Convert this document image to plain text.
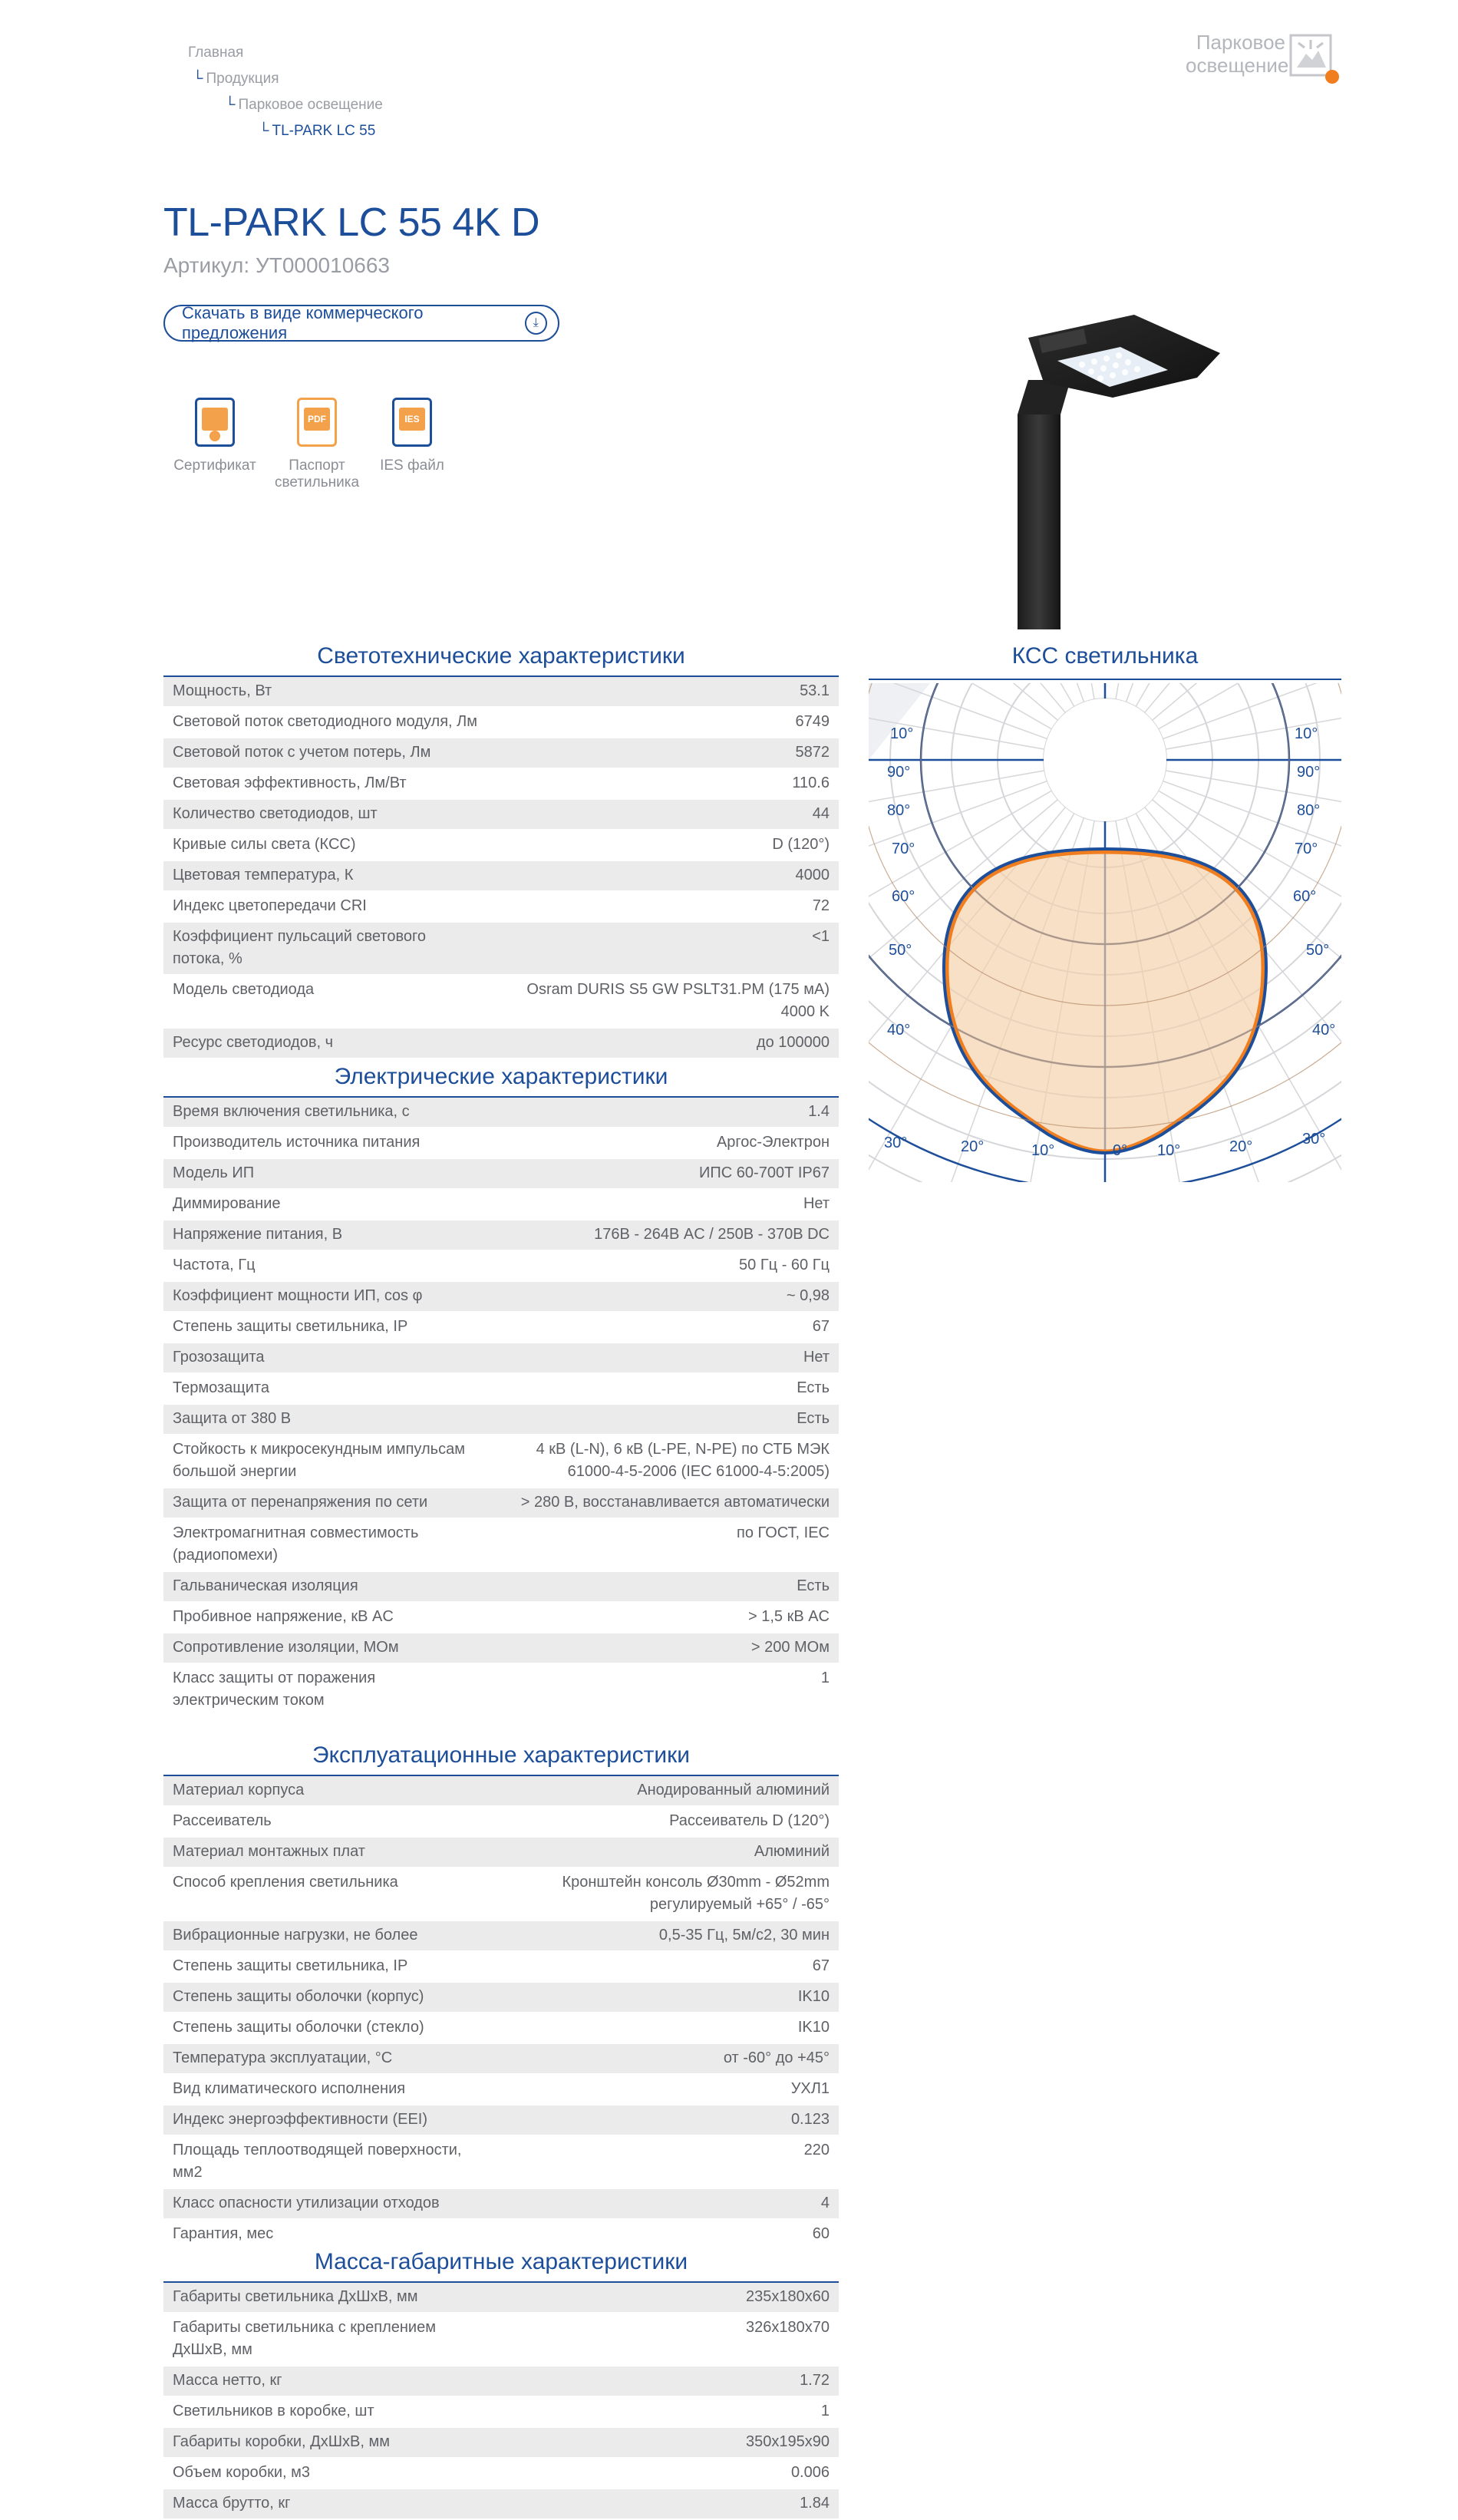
Главная
└ Продукция
└ Парковое освещение
└ TL-PARK LC 55
Парковое
освещение
TL-PARK LC 55 4K D
Артикул: УТ000010663
Скачать в виде коммерческого предложения
⤓
Сертификат
PDF
Паспорт светильника
IES
IES файл
КСС светильника
10°	10°
90°	90°
80°	80°
70°	70°
60°	60°
50°	50°
40°	40°
30°	20°	10°	0° 10°	20°	30°
Светотехнические характеристики
Мощность, Вт	53.1
Световой поток светодиодного модуля, Лм	6749
Световой поток с учетом потерь, Лм	5872
Световая эффективность, Лм/Вт	110.6
Количество светодиодов, шт	44
Кривые силы света (КСС)	D (120°)
Цветовая температура, К	4000
Индекс цветопередачи CRI	72
Коэффициент пульсаций светового потока, %	<1
Модель светодиода	Osram DURIS S5 GW PSLT31.PM (175 мА) 4000 K
Ресурс светодиодов, ч	до 100000
Электрические характеристики
Время включения светильника, с	1.4
Производитель источника питания	Аргос-Электрон
Модель ИП	ИПС 60-700Т IP67
Диммирование	Нет
Напряжение питания, В	176В - 264В AC / 250В - 370В DC
Частота, Гц	50 Гц - 60 Гц
Коэффициент мощности ИП, cos φ	~ 0,98
Степень защиты светильника, IP	67
Грозозащита	Нет
Термозащита	Есть
Защита от 380 В	Есть
Стойкость к микросекундным импульсам большой энергии	4 кВ (L-N), 6 кВ (L-PE, N-PE) по СТБ МЭК 61000-4-5-2006 (IEC 61000-4-5:2005)
Защита от перенапряжения по сети	> 280 В, восстанавливается автоматически
Электромагнитная совместимость (радиопомехи)	по ГОСТ, IEC
Гальваническая изоляция	Есть
Пробивное напряжение, кВ AC	> 1,5 кВ AC
Сопротивление изоляции, МОм	> 200 МОм
Класс защиты от поражения электрическим током	1
Эксплуатационные характеристики
Материал корпуса	Анодированный алюминий
Рассеиватель	Рассеиватель D (120°)
Материал монтажных плат	Алюминий
Способ крепления светильника	Кронштейн консоль Ø30mm - Ø52mm регулируемый +65° / -65°
Вибрационные нагрузки, не более	0,5-35 Гц, 5м/с2, 30 мин
Степень защиты светильника, IP	67
Степень защиты оболочки (корпус)	IK10
Степень защиты оболочки (стекло)	IK10
Температура эксплуатации, °С	от -60° до +45°
Вид климатического исполнения	УХЛ1
Индекс энергоэффективности (EEI)	0.123
Площадь теплоотводящей поверхности, мм2	220
Класс опасности утилизации отходов	4
Гарантия, мес	60
Масса-габаритные характеристики
Габариты светильника ДхШхВ, мм	235х180х60
Габариты светильника с креплением ДхШхВ, мм	326х180х70
Масса нетто, кг	1.72
Светильников в коробке, шт	1
Габариты коробки, ДхШхВ, мм	350х195х90
Объем коробки, м3	0.006
Масса брутто, кг	1.84
